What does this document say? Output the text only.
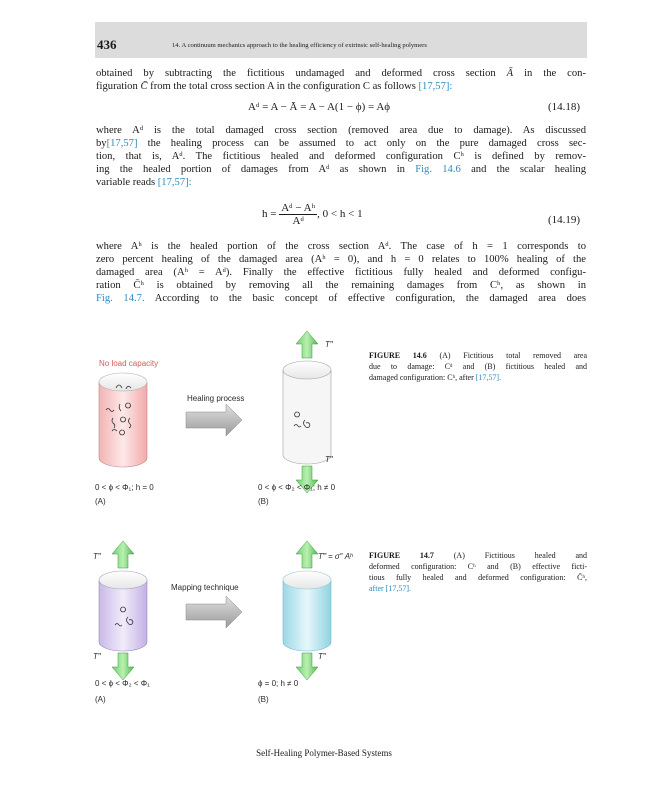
436	14. A continuum mechanics approach to the healing efficiency of extrinsic self-healing polymers
obtained by subtracting the fictitious undamaged and deformed cross section Ā in the con-
figuration C̄ from the total cross section A in the configuration C as follows [17,57]:
Aᵈ = A − Ā = A − A(1 − ϕ) = Aϕ	(14.18)
where Aᵈ is the total damaged cross section (removed area due to damage). As discussed
by[17,57] the healing process can be assumed to act only on the pure damaged cross sec-
tion, that is, Aᵈ. The fictitious healed and deformed configuration Cʰ is defined by remov-
ing the healed portion of damages from Aᵈ as shown in Fig. 14.6 and the scalar healing
variable reads [17,57]:
$h = \frac{\text{Aᵈ − Aʰ}}{\text{Aᵈ}}$ , 0 < h < 1	(14.19)
where Aʰ is the healed portion of the cross section Aᵈ. The case of h = 1 corresponds to
zero percent healing of the damaged area (Aʰ = 0), and h = 0 relates to 100% healing of the
damaged area (Aʰ = Aᵈ). Finally the effective fictitious fully healed and deformed configu-
ration C̄ʰ is obtained by removing all the remaining damages from Cʰ, as shown in
Fig. 14.7. According to the basic concept of effective configuration, the damaged area does
No load capacity
Healing process
T″
T″
0 < ϕ < Φ₁; h = 0	0 < ϕ < Φ₂ < Φ₁; h ≠ 0
(A)	(B)
FIGURE 14.6 (A) Fictitious total removed area
due to damage: Cᵈ and (B) fictitious healed and
damaged configuration: Cʰ, after [17,57].
T″
T″
Mapping technique
T‴ = σ″ Aʰ
T″
0 < ϕ < Φ₂ < Φ₁	ϕ = 0; h ≠ 0
(A)	(B)
FIGURE 14.7 (A) Fictitious healed and
deformed configuration: Cʰ and (B) effective ficti-
tious fully healed and deformed configuration: C̄ʰ,
after [17,57].
Self-Healing Polymer-Based Systems
